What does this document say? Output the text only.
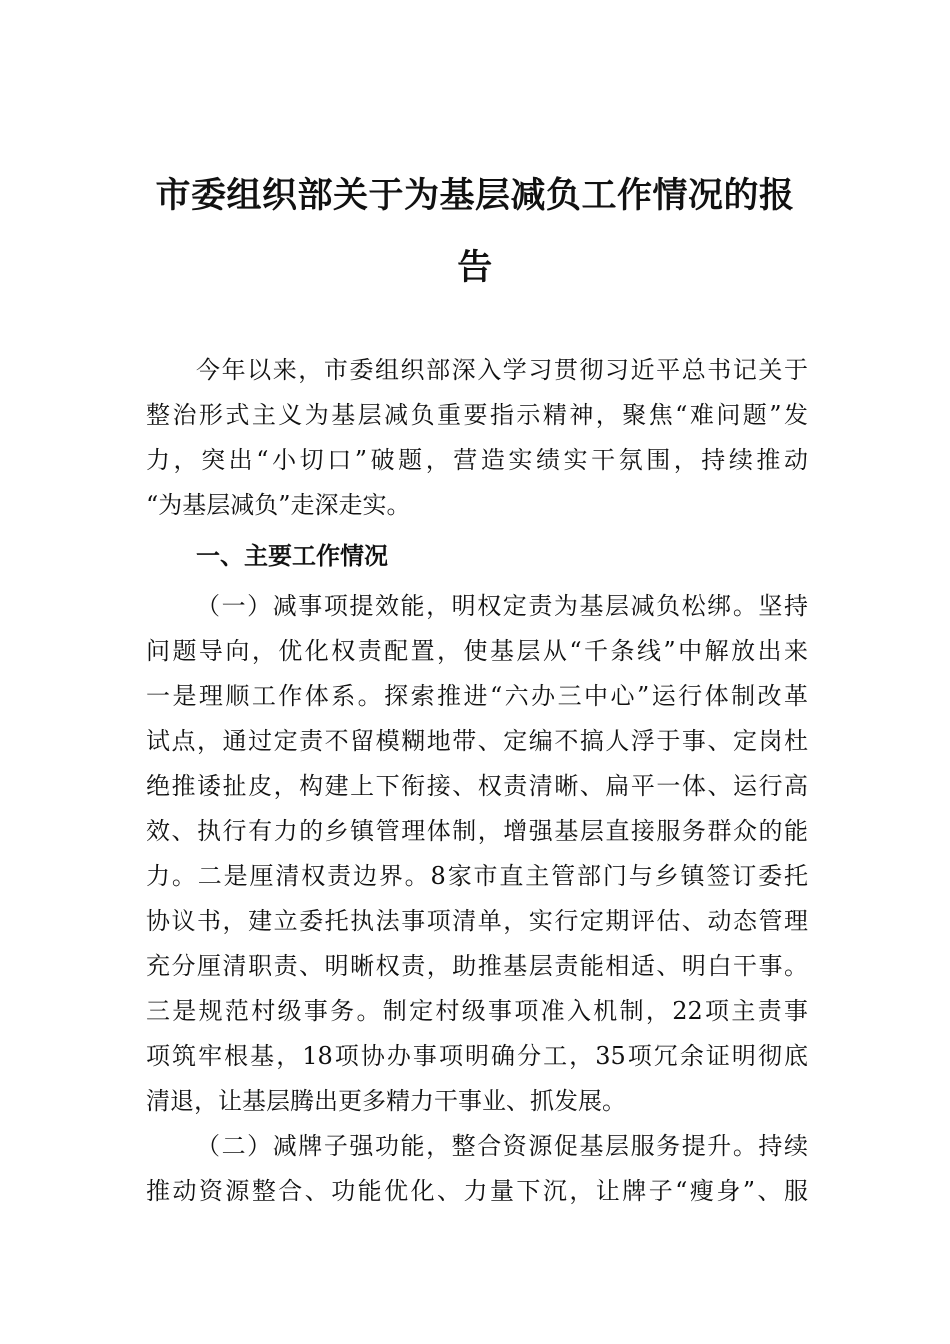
市委组织部关于为基层减负工作情况的报
告
今年以来，市委组织部深入学习贯彻习近平总书记关于
整治形式主义为基层减负重要指示精神，聚焦“难问题”发
力，突出“小切口”破题，营造实绩实干氛围，持续推动
“为基层减负”走深走实。
一、主要工作情况
（一）减事项提效能，明权定责为基层减负松绑。坚持
问题导向，优化权责配置，使基层从“千条线”中解放出来
一是理顺工作体系。探索推进“六办三中心”运行体制改革
试点，通过定责不留模糊地带、定编不搞人浮于事、定岗杜
绝推诿扯皮，构建上下衔接、权责清晰、扁平一体、运行高
效、执行有力的乡镇管理体制，增强基层直接服务群众的能
力。二是厘清权责边界。8家市直主管部门与乡镇签订委托
协议书，建立委托执法事项清单，实行定期评估、动态管理
充分厘清职责、明晰权责，助推基层责能相适、明白干事。
三是规范村级事务。制定村级事项准入机制，22项主责事
项筑牢根基，18项协办事项明确分工，35项冗余证明彻底
清退，让基层腾出更多精力干事业、抓发展。
（二）减牌子强功能，整合资源促基层服务提升。持续
推动资源整合、功能优化、力量下沉，让牌子“瘦身”、服
